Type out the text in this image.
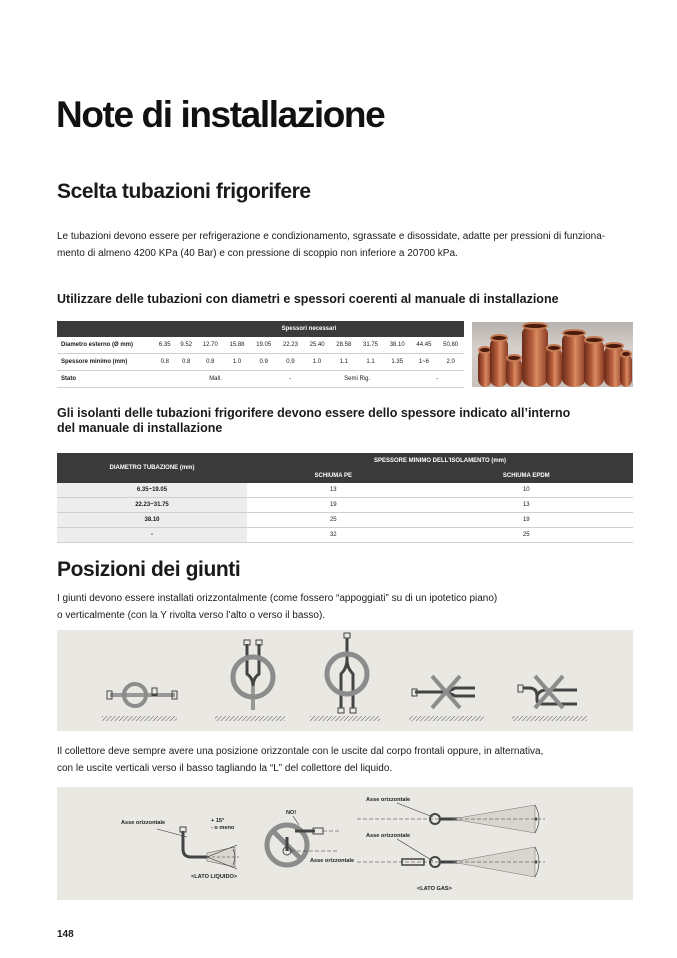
Note di installazione
Scelta tubazioni frigorifere

Le tubazioni devono essere per refrigerazione e condizionamento, sgrassate e disossidate, adatte per pressioni di funziona-
mento di almeno 4200 KPa (40 Bar) e con pressione di scoppio non inferiore a 20700 kPa.

Utilizzare delle tubazioni con diametri e spessori coerenti al manuale di installazione
	Spessori necessari											
Diametro esterno (Ø mm)	6.35	9.52	12.70	15.88	19.05	22.23	25.40	28.58	31.75	38.10	44.45	50.80
Spessore minimo (mm)	0.8	0.8	0.8	1.0	0.9	0.9	1.0	1.1	1.1	1.35	1~6	2.0
Stato	Mall.					-	Semi Rig.				-	
Gli isolanti delle tubazioni frigorifere devono essere dello spessore indicato all’interno
del manuale di installazione
DIAMETRO TUBAZIONE (mm)	SPESSORE MINIMO DELL'ISOLAMENTO (mm)	
	SCHIUMA PE	SCHIUMA EPDM
6.35~19.05	13	10
22.23~31.75	19	13
38.10	25	19
-	32	25
Posizioni dei giunti

I giunti devono essere installati orizzontalmente (come fossero “appoggiati” su di un ipotetico piano)
o verticalmente (con la Y rivolta verso l’alto o verso il basso).

Il collettore deve sempre avere una posizione orizzontale con le uscite dal corpo frontali oppure, in alternativa,
con le uscite verticali verso il basso tagliando la “L” del collettore del liquido.

Asse orizzontale	+ 15°
- o meno
<LATO LIQUIDO>
NO!
Asse orizzontale
Asse orizzontale
Asse orizzontale
<LATO GAS>
148
